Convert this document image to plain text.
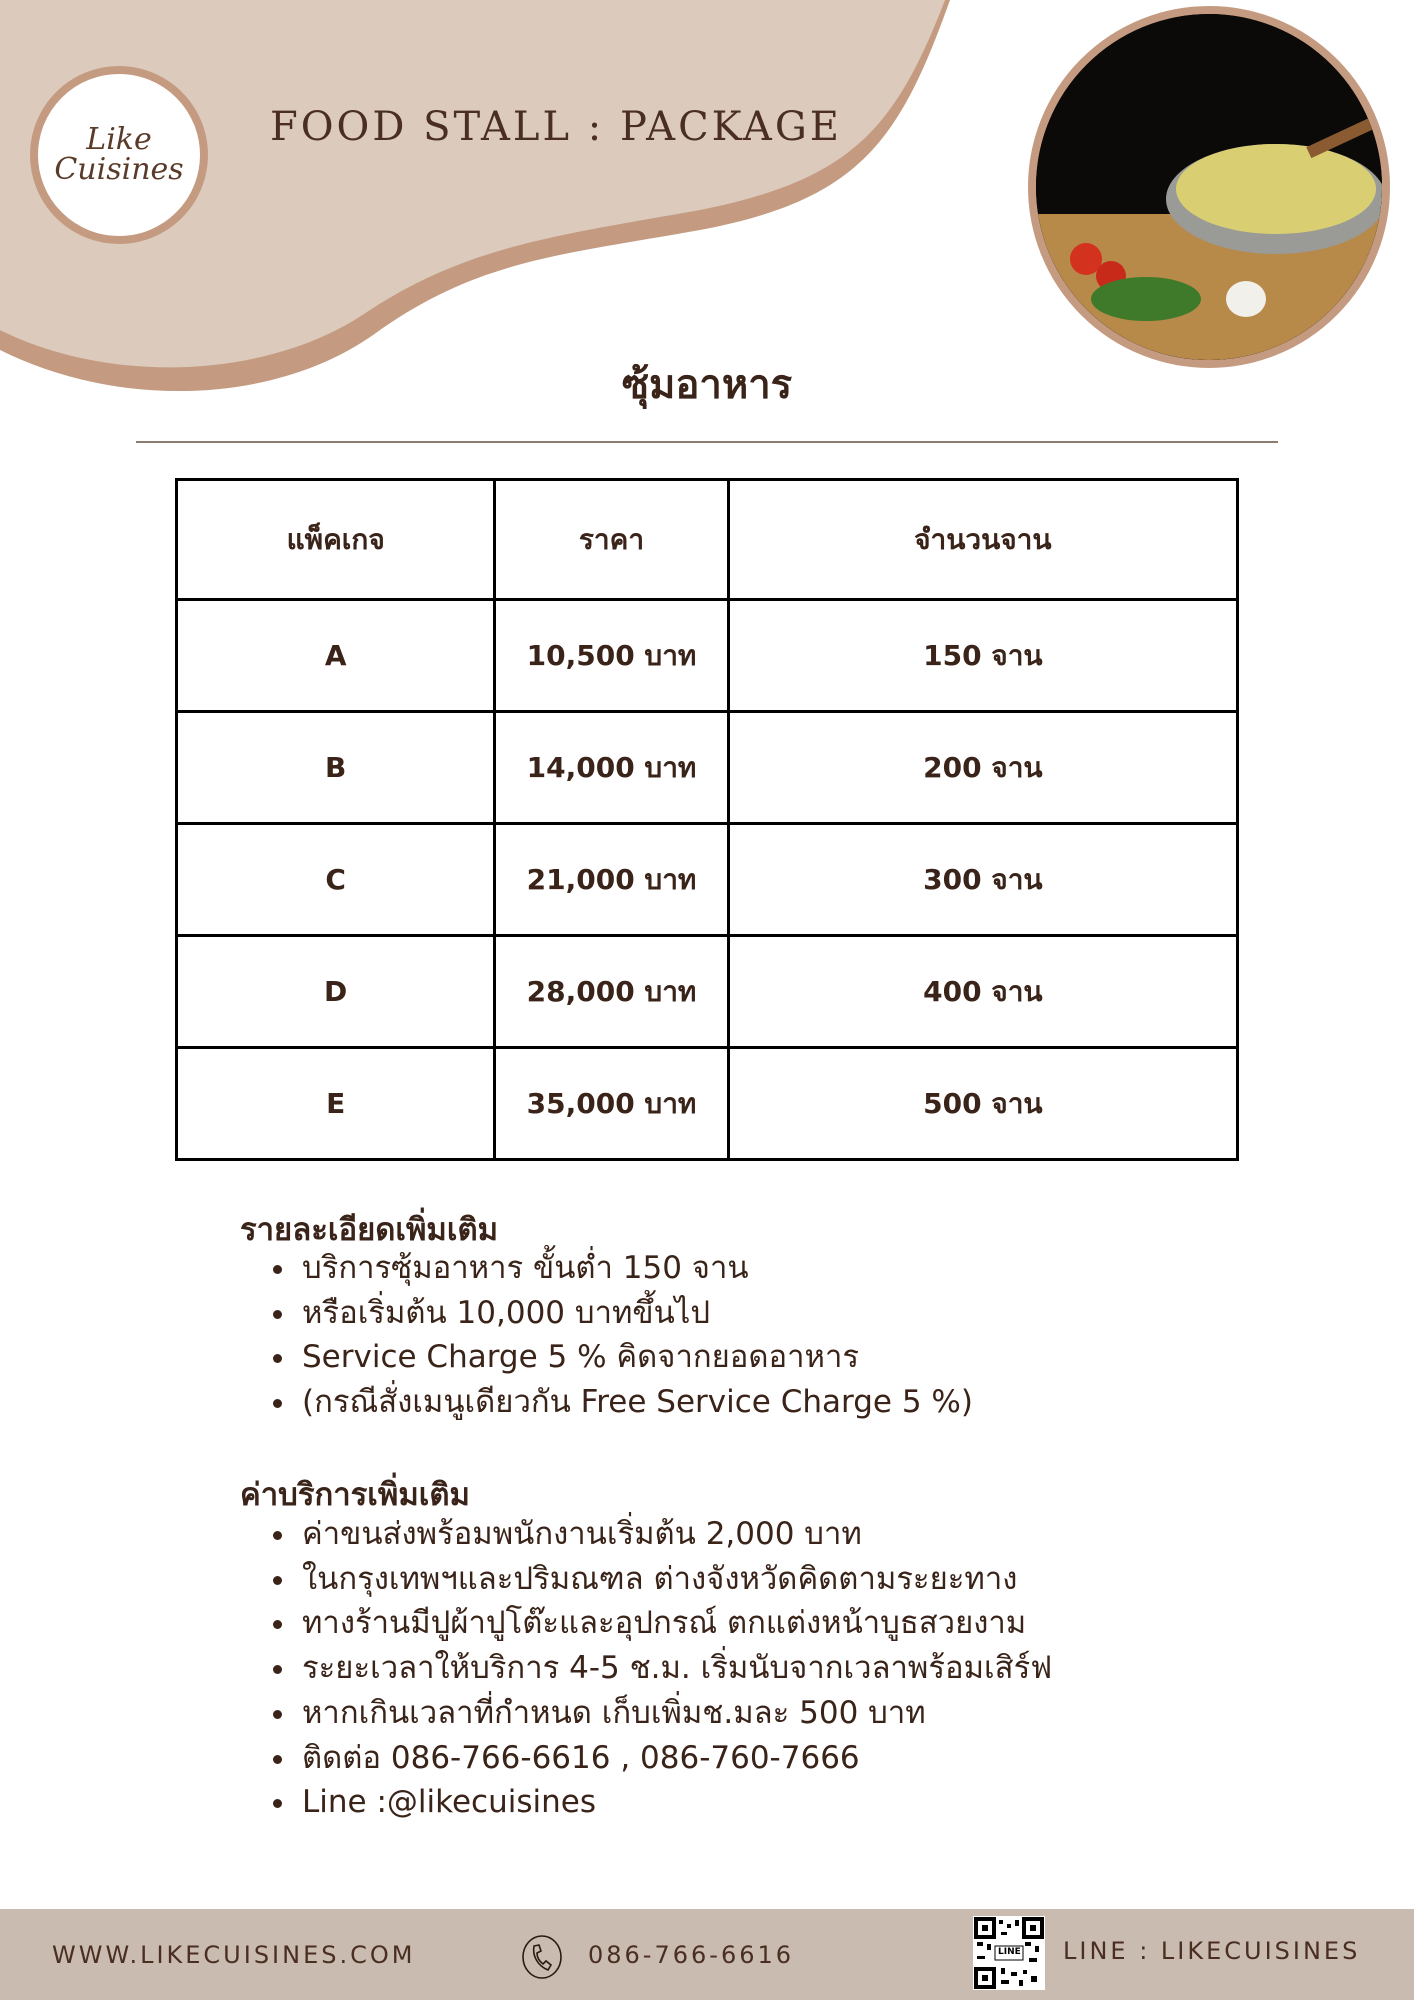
Like
Cuisines
FOOD STALL : PACKAGE
ซุ้มอาหาร
แพ็คเกจ	ราคา	จำนวนจาน
A	10,500 บาท	150 จาน
B	14,000 บาท	200 จาน
C	21,000 บาท	300 จาน
D	28,000 บาท	400 จาน
E	35,000 บาท	500 จาน
รายละเอียดเพิ่มเติม
• บริการซุ้มอาหาร ขั้นต่ำ 150 จาน
• หรือเริ่มต้น 10,000 บาทขึ้นไป
• Service Charge 5 % คิดจากยอดอาหาร
• (กรณีสั่งเมนูเดียวกัน Free Service Charge 5 %)
ค่าบริการเพิ่มเติม
• ค่าขนส่งพร้อมพนักงานเริ่มต้น 2,000 บาท
• ในกรุงเทพฯและปริมณฑล ต่างจังหวัดคิดตามระยะทาง
• ทางร้านมีปูผ้าปูโต๊ะและอุปกรณ์ ตกแต่งหน้าบูธสวยงาม
• ระยะเวลาให้บริการ 4-5 ช.ม. เริ่มนับจากเวลาพร้อมเสิร์ฟ
• หากเกินเวลาที่กำหนด เก็บเพิ่มช.มละ 500 บาท
• ติดต่อ 086-766-6616 , 086-760-7666
• Line :@likecuisines
WWW.LIKECUISINES.COM	086-766-6616	LINE LINE : LIKECUISINES
